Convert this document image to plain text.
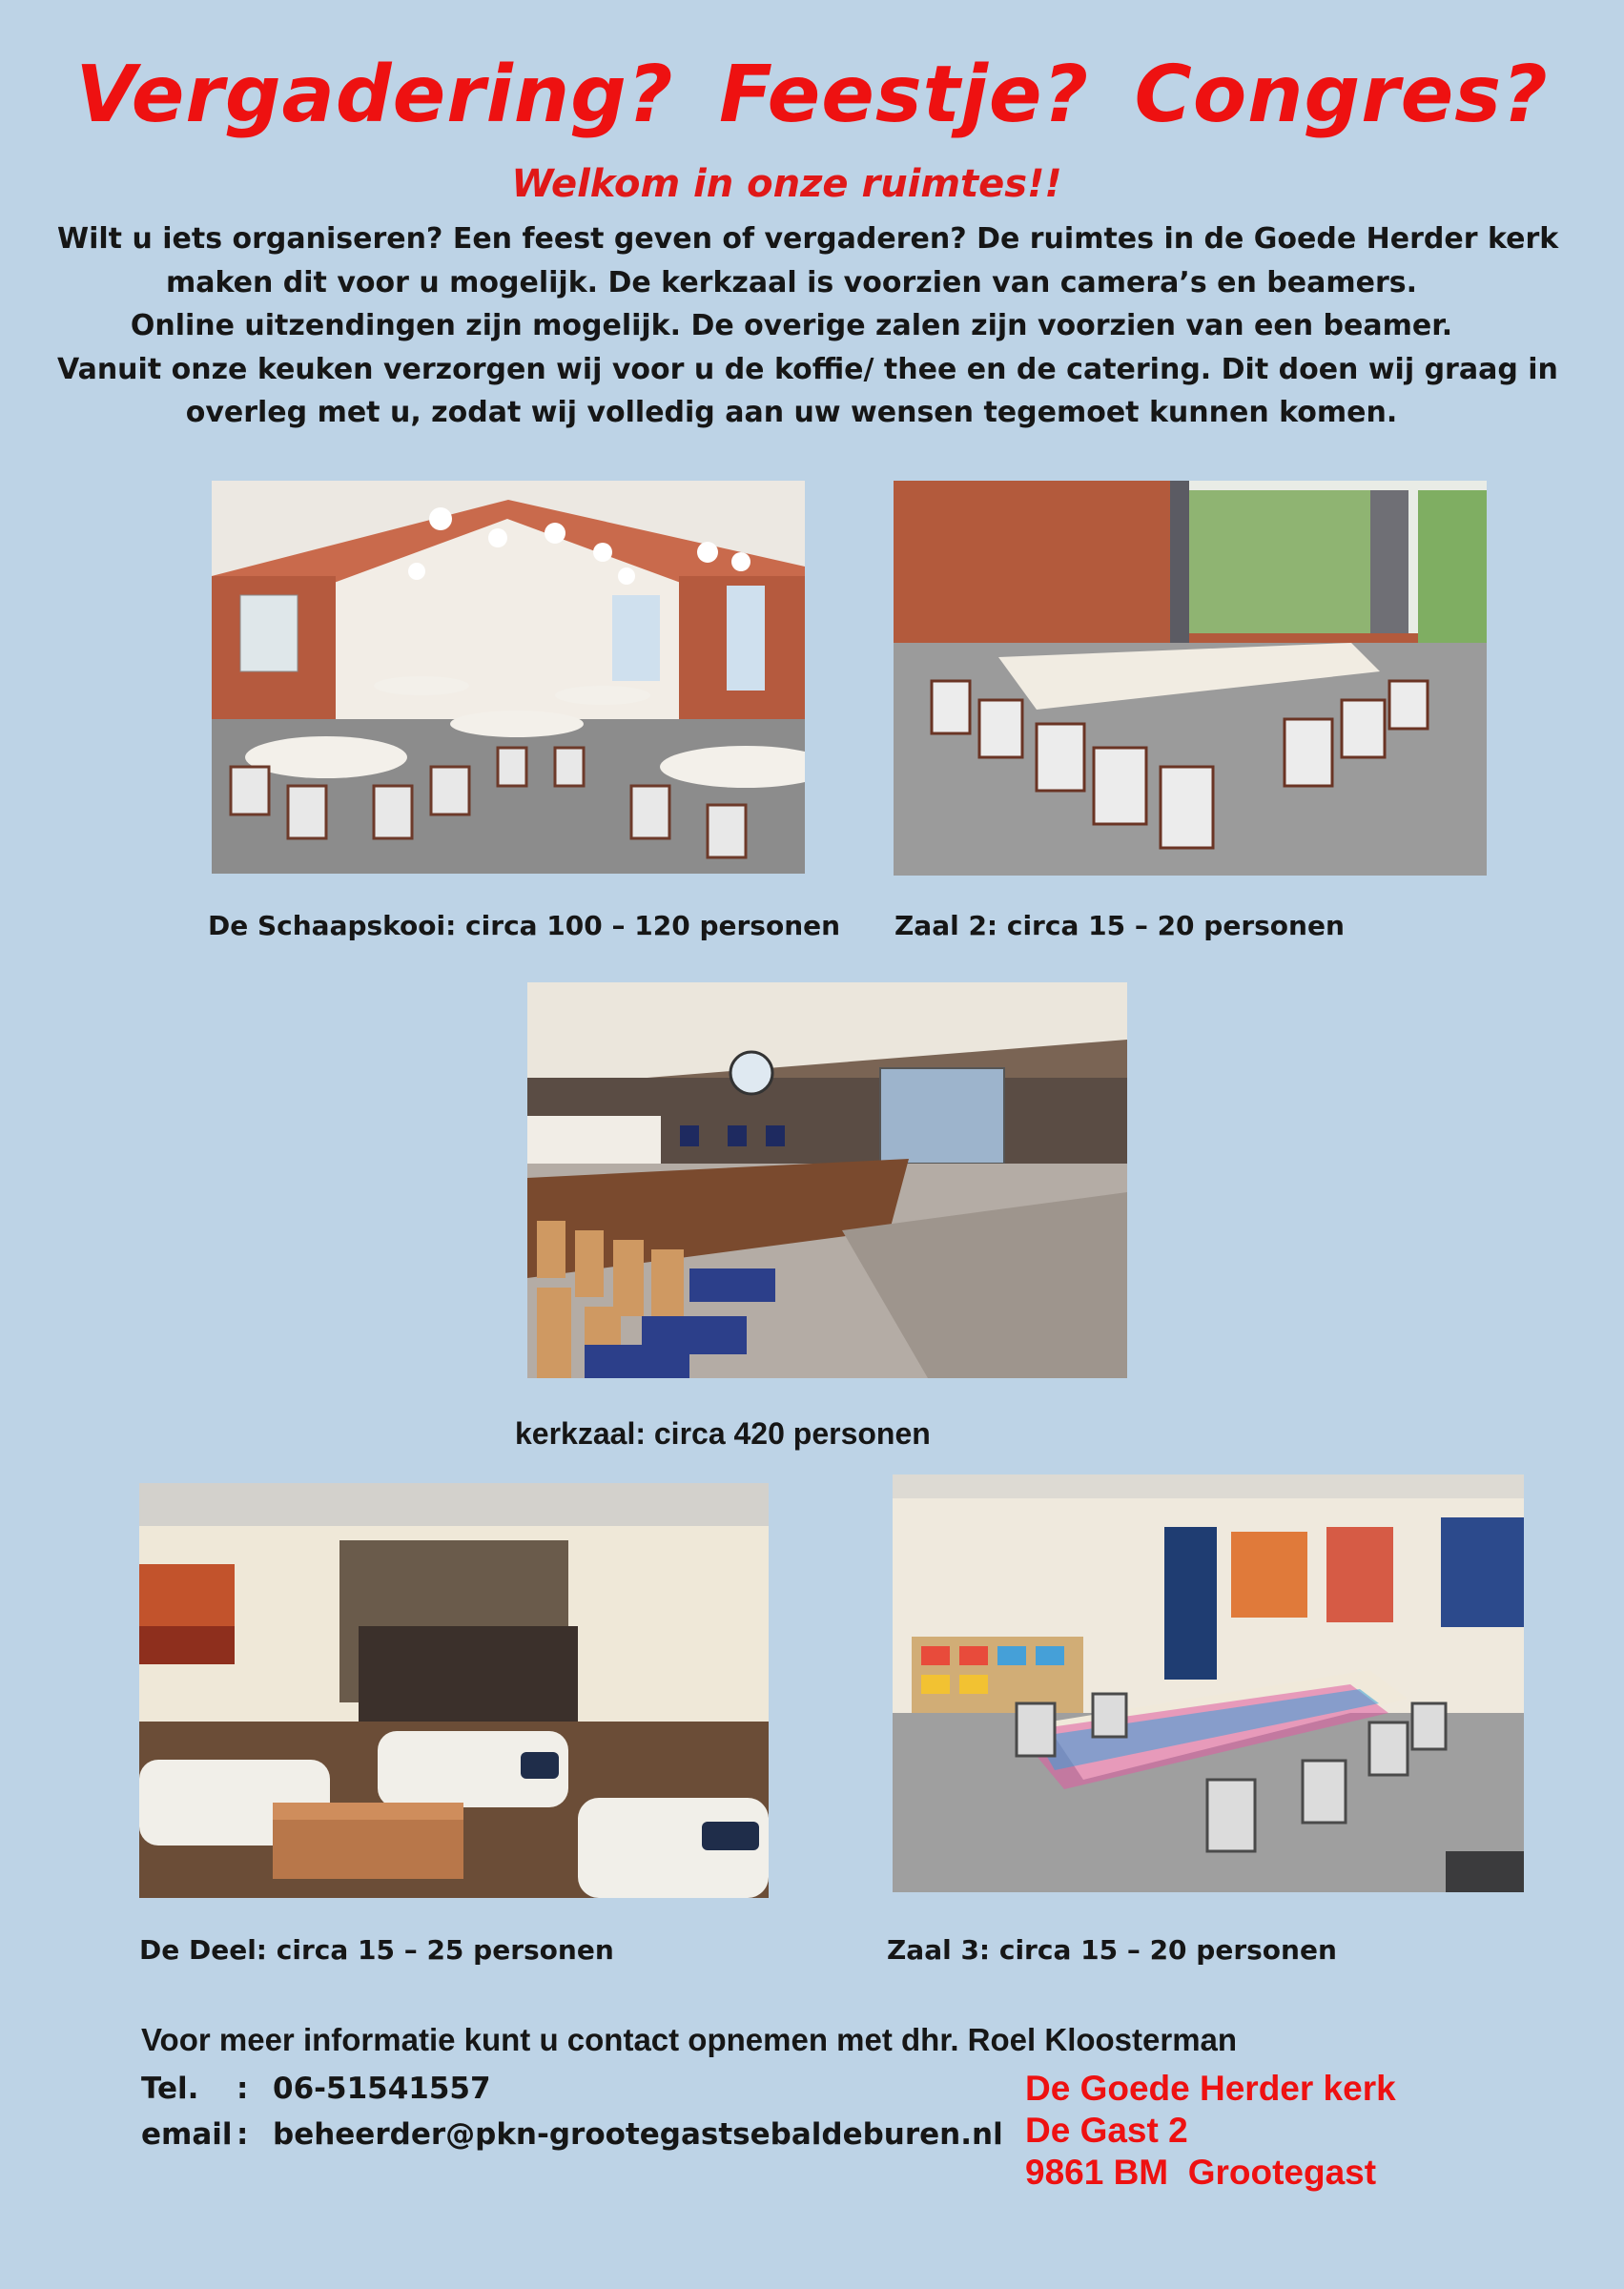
Vergadering? Feestje? Congres?
Welkom in onze ruimtes!!
Wilt u iets organiseren? Een feest geven of vergaderen? De ruimtes in de Goede Herder kerk
maken dit voor u mogelijk. De kerkzaal is voorzien van camera’s en beamers.
Online uitzendingen zijn mogelijk. De overige zalen zijn voorzien van een beamer.
Vanuit onze keuken verzorgen wij voor u de koffie/ thee en de catering. Dit doen wij graag in
overleg met u, zodat wij volledig aan uw wensen tegemoet kunnen komen.
De Schaapskooi: circa 100 – 120 personen Zaal 2: circa 15 – 20 personen
kerkzaal: circa 420 personen
De Deel: circa 15 – 25 personen	Zaal 3: circa 15 – 20 personen
Voor meer informatie kunt u contact opnemen met dhr. Roel Kloosterman
Tel. : 06-51541557
email : beheerder@pkn-grootegastsebaldeburen.nl
De Goede Herder kerk
De Gast 2
9861 BM  Grootegast
